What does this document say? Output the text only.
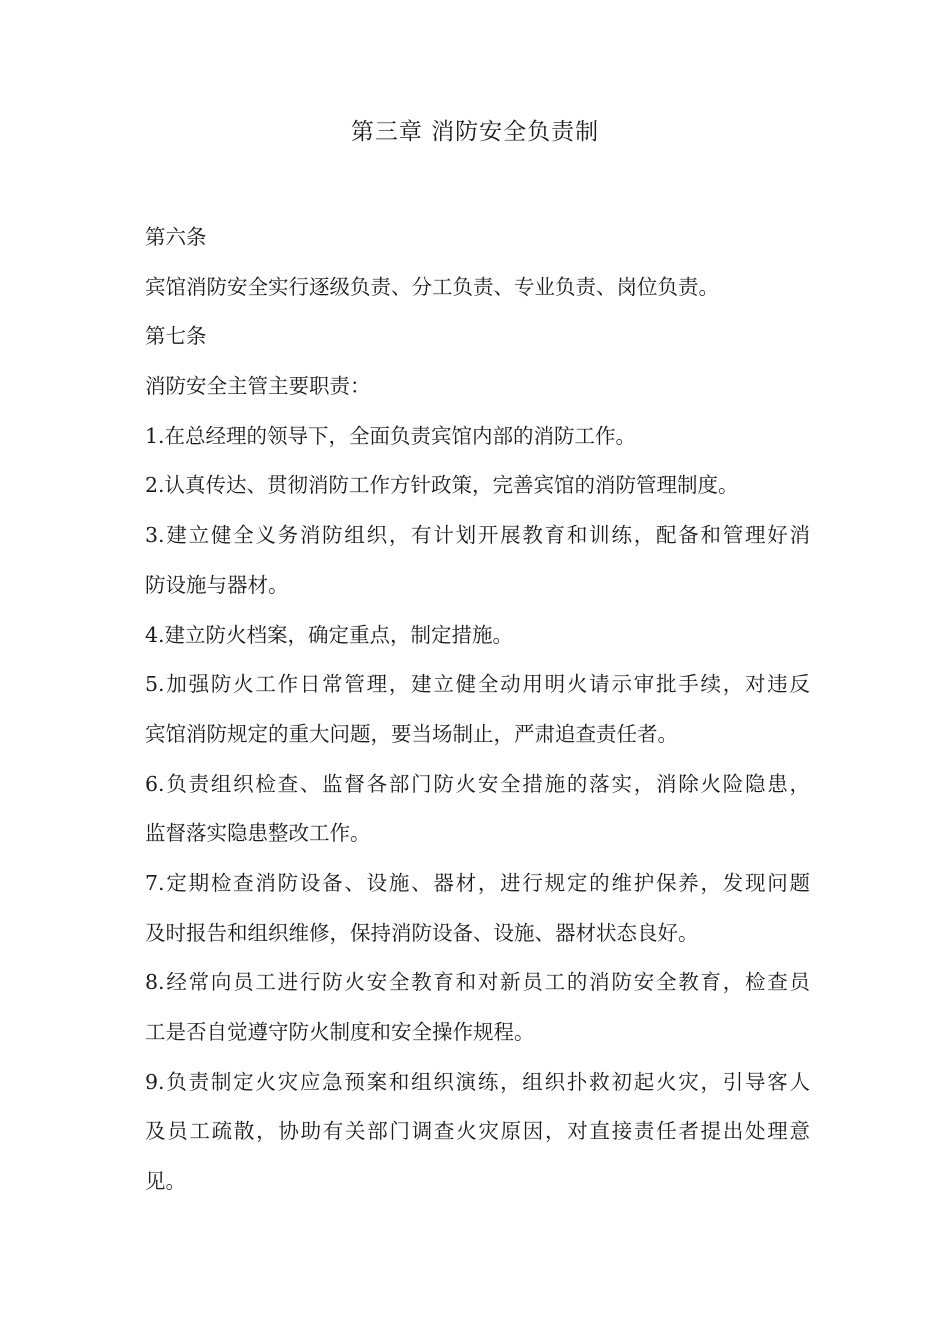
第三章 消防安全负责制

第六条

宾馆消防安全实行逐级负责、分工负责、专业负责、岗位负责。

第七条

消防安全主管主要职责：

1.在总经理的领导下，全面负责宾馆内部的消防工作。

2.认真传达、贯彻消防工作方针政策，完善宾馆的消防管理制度。

3.建立健全义务消防组织，有计划开展教育和训练，配备和管理好消

防设施与器材。

4.建立防火档案，确定重点，制定措施。

5.加强防火工作日常管理，建立健全动用明火请示审批手续，对违反

宾馆消防规定的重大问题，要当场制止，严肃追查责任者。

6.负责组织检查、监督各部门防火安全措施的落实，消除火险隐患，

监督落实隐患整改工作。

7.定期检查消防设备、设施、器材，进行规定的维护保养，发现问题

及时报告和组织维修，保持消防设备、设施、器材状态良好。

8.经常向员工进行防火安全教育和对新员工的消防安全教育，检查员

工是否自觉遵守防火制度和安全操作规程。

9.负责制定火灾应急预案和组织演练，组织扑救初起火灾，引导客人

及员工疏散，协助有关部门调查火灾原因，对直接责任者提出处理意

见。
